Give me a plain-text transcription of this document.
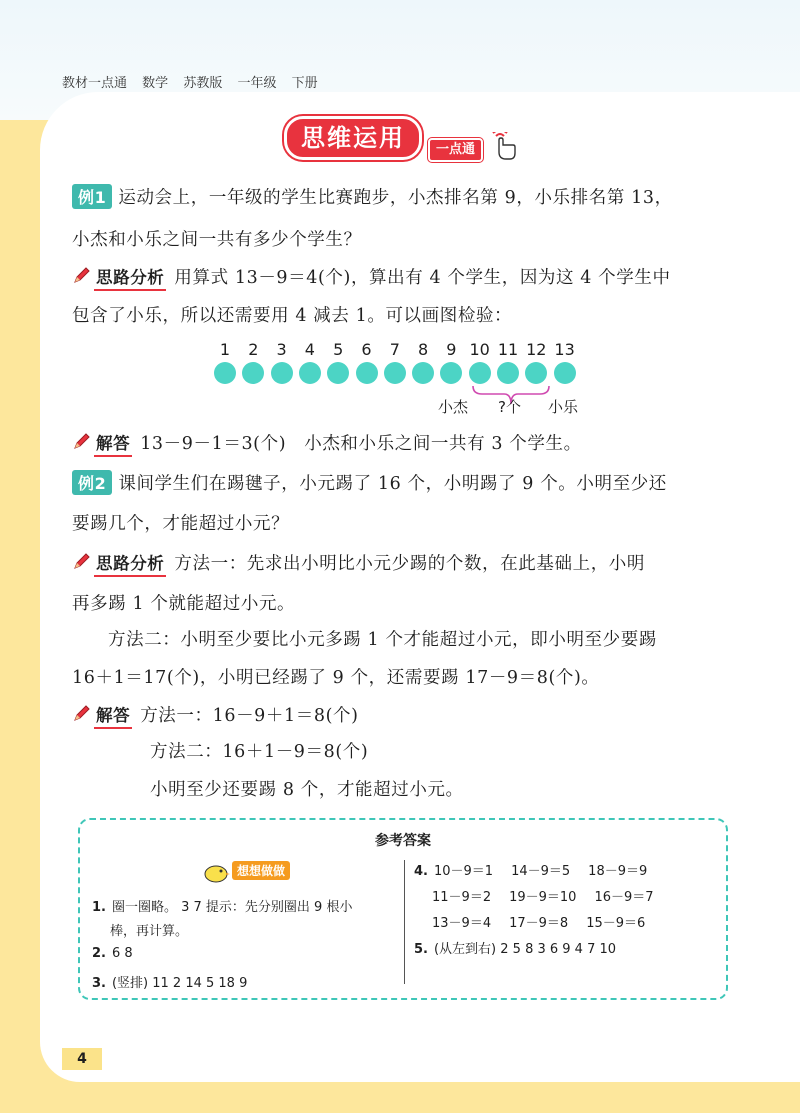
教材一点通 数学 苏教版 一年级 下册
思维运用	一点通
例1 运动会上，一年级的学生比赛跑步，小杰排名第 9，小乐排名第 13，
小杰和小乐之间一共有多少个学生？
思路分析 用算式 13－9＝4(个)，算出有 4 个学生，因为这 4 个学生中
包含了小乐，所以还需要用 4 减去 1。可以画图检验：
1	2	3	4	5	6	7	8	9 10 11 12 13
小杰 ?个 小乐
解答 13－9－1＝3(个)　小杰和小乐之间一共有 3 个学生。
例2 课间学生们在踢毽子，小元踢了 16 个，小明踢了 9 个。小明至少还
要踢几个，才能超过小元？
思路分析 方法一：先求出小明比小元少踢的个数，在此基础上，小明
再多踢 1 个就能超过小元。
方法二：小明至少要比小元多踢 1 个才能超过小元，即小明至少要踢
16＋1＝17(个)，小明已经踢了 9 个，还需要踢 17－9＝8(个)。
解答 方法一：16－9＋1＝8(个)
方法二：16＋1－9＝8(个)
小明至少还要踢 8 个，才能超过小元。
参考答案
想想做做
1. 圈一圈略。 3 7 提示：先分别圈出 9 根小
棒，再计算。
2. 6 8
3. (竖排) 11 2 14 5 18 9
4. 10－9＝1 14－9＝5 18－9＝9
11－9＝2 19－9＝10 16－9＝7
13－9＝4 17－9＝8 15－9＝6
5. (从左到右) 2 5 8 3 6 9 4 7 10
4
